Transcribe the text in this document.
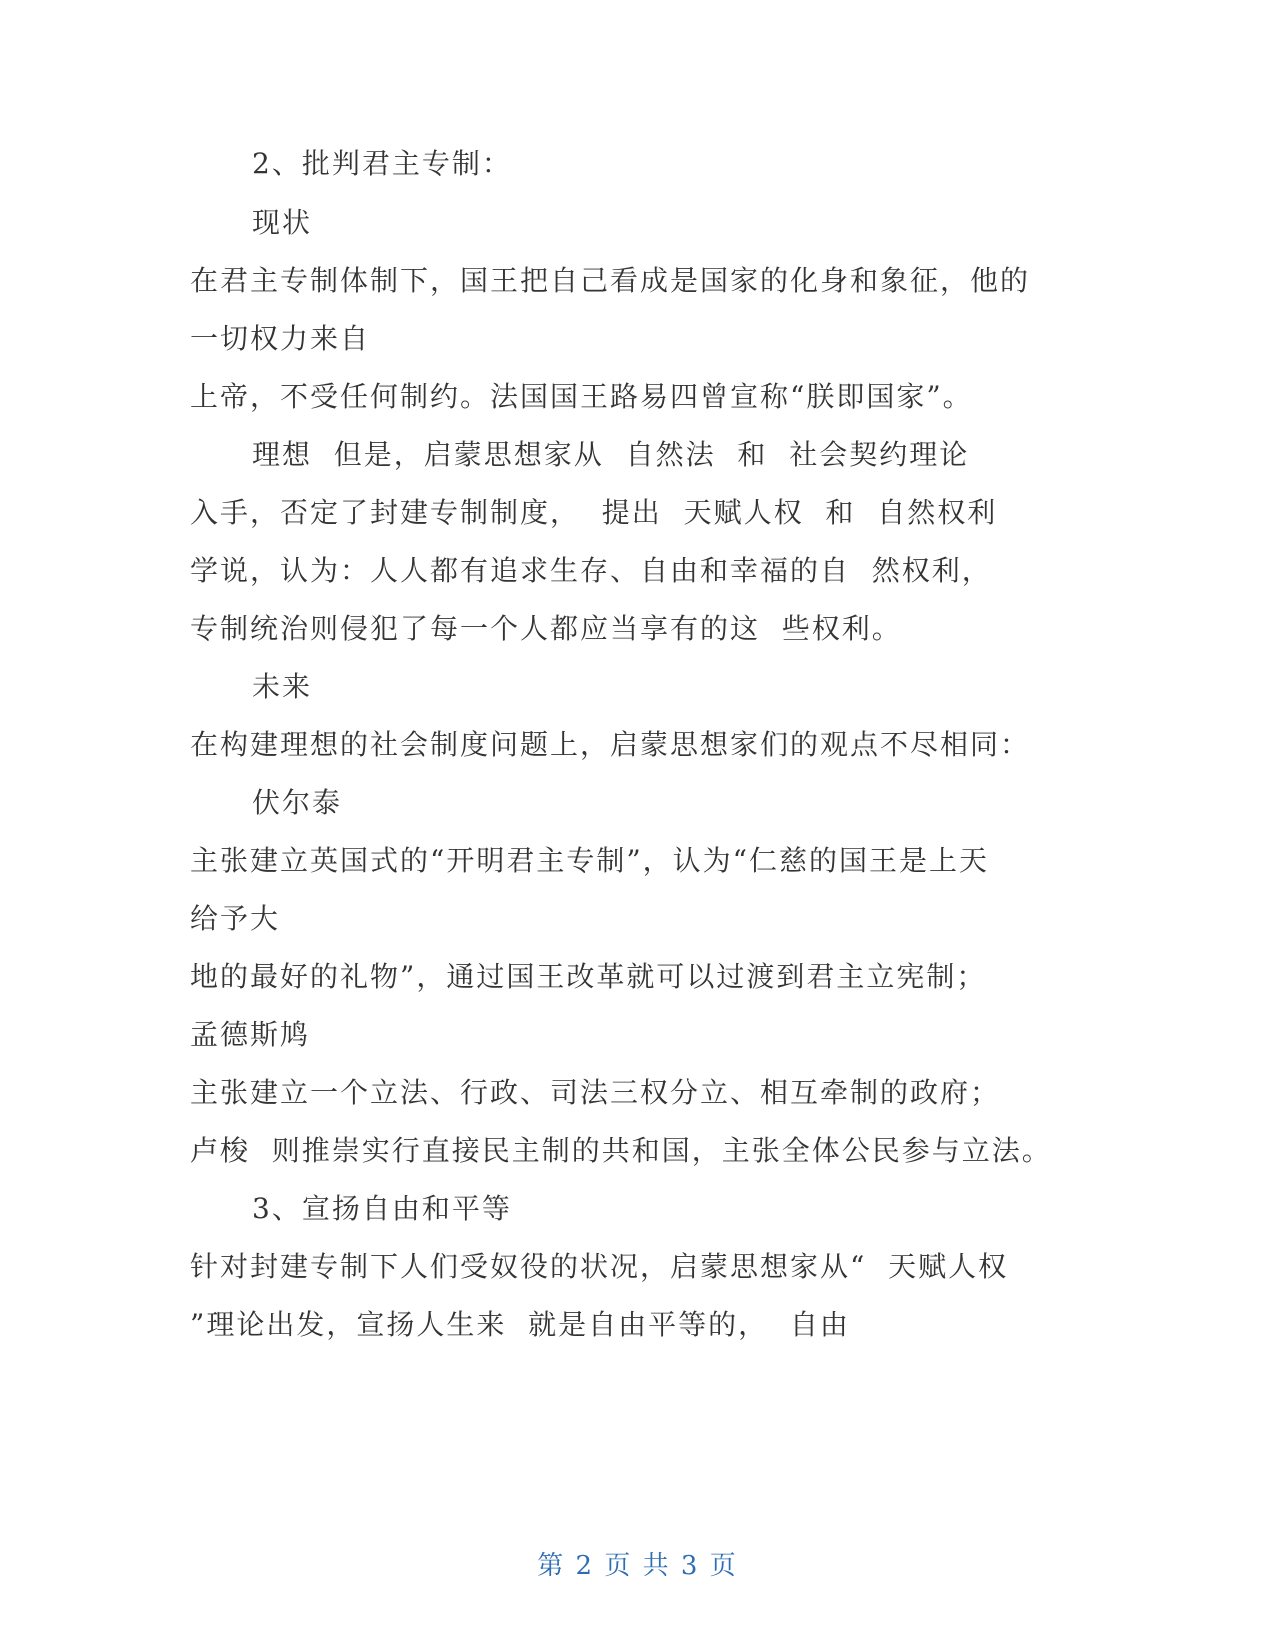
2、批判君主专制：
现状
在君主专制体制下，国王把自己看成是国家的化身和象征，他的
一切权力来自
上帝，不受任何制约。法国国王路易四曾宣称“朕即国家”。
理想  但是，启蒙思想家从  自然法  和  社会契约理论
入手，否定了封建专制制度，  提出  天赋人权  和  自然权利
学说，认为：人人都有追求生存、自由和幸福的自  然权利，
专制统治则侵犯了每一个人都应当享有的这  些权利。
未来
在构建理想的社会制度问题上，启蒙思想家们的观点不尽相同：
伏尔泰
主张建立英国式的“开明君主专制”，认为“仁慈的国王是上天
给予大
地的最好的礼物”，通过国王改革就可以过渡到君主立宪制；
孟德斯鸠
主张建立一个立法、行政、司法三权分立、相互牵制的政府；
卢梭  则推崇实行直接民主制的共和国，主张全体公民参与立法。
3、宣扬自由和平等
针对封建专制下人们受奴役的状况，启蒙思想家从“  天赋人权
”理论出发，宣扬人生来  就是自由平等的，  自由
第 2 页 共 3 页
